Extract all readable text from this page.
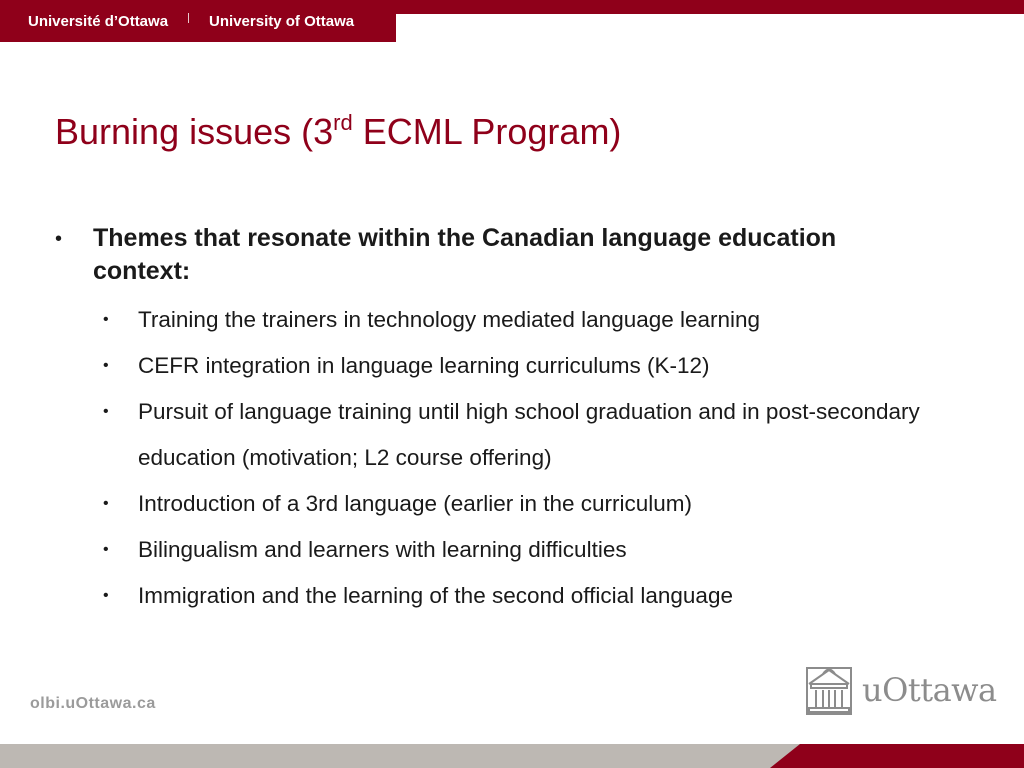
Université d’Ottawa	University of Ottawa
Burning issues (3rd ECML Program)
• Themes that resonate within the Canadian language education context:
• Training the trainers in technology mediated language learning
• CEFR integration in language learning curriculums (K-12)
• Pursuit of language training until high school graduation and in post-secondary education (motivation; L2 course offering)
• Introduction of a 3rd language (earlier in the curriculum)
• Bilingualism and learners with learning difficulties
• Immigration and the learning of the second official language
olbi.uOttawa.ca	uOttawa
